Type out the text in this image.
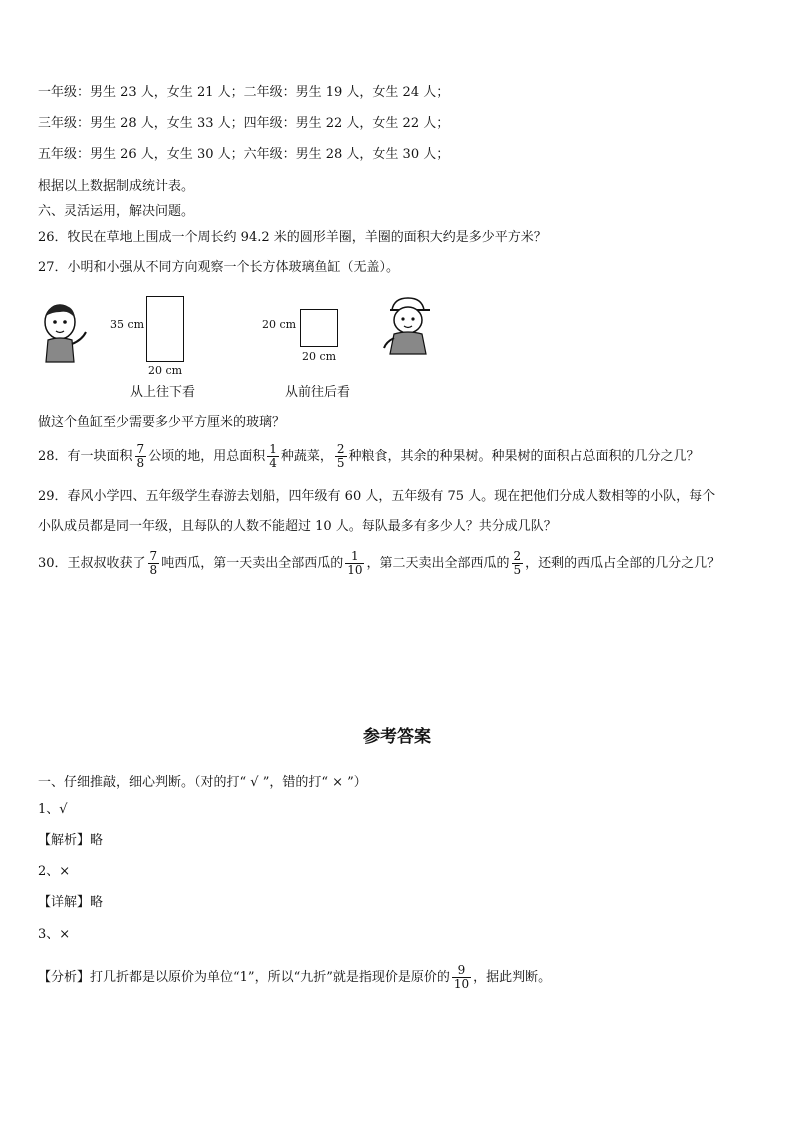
一年级：男生 23 人，女生 21 人；二年级：男生 19 人，女生 24 人；
三年级：男生 28 人，女生 33 人；四年级：男生 22 人，女生 22 人；
五年级：男生 26 人，女生 30 人；六年级：男生 28 人，女生 30 人；
根据以上数据制成统计表。
六、灵活运用，解决问题。
26．牧民在草地上围成一个周长约 94.2 米的圆形羊圈，羊圈的面积大约是多少平方米？
27．小明和小强从不同方向观察一个长方体玻璃鱼缸（无盖）。
35 cm
20 cm
从上往下看
20 cm
20 cm
从前往后看
做这个鱼缸至少需要多少平方厘米的玻璃？
28．有一块面积 $\frac{7}{8}$ 公顷的地，用总面积 $\frac{1}{4}$ 种蔬菜， $\frac{2}{5}$ 种粮食，其余的种果树。种果树的面积占总面积的几分之几？
29．春风小学四、五年级学生春游去划船，四年级有 60 人，五年级有 75 人。现在把他们分成人数相等的小队，每个
小队成员都是同一年级，且每队的人数不能超过 10 人。每队最多有多少人？共分成几队？
30．王叔叔收获了 $\frac{7}{8}$ 吨西瓜，第一天卖出全部西瓜的 $\frac{1}{10}$ ，第二天卖出全部西瓜的 $\frac{2}{5}$ ，还剩的西瓜占全部的几分之几？
参考答案
一、仔细推敲，细心判断。（对的打“ √ ”，错的打“ × ”）
1、√
【解析】略
2、×
【详解】略
3、×
【分析】打几折都是以原价为单位“1”，所以“九折”就是指现价是原价的 $\frac{9}{10}$ ，据此判断。
